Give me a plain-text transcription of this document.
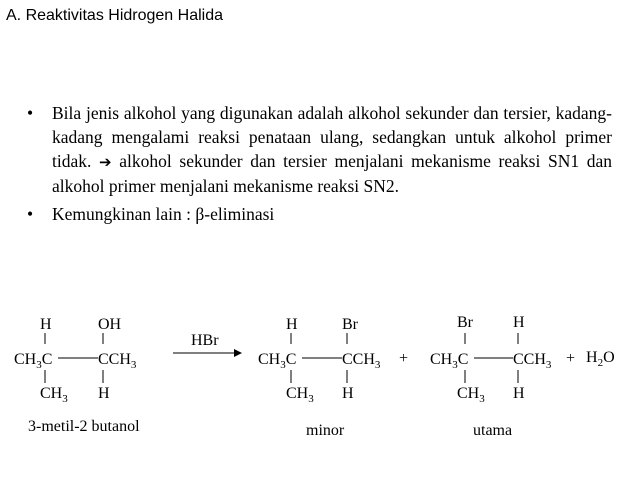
A. Reaktivitas Hidrogen Halida
• Bila jenis alkohol yang digunakan adalah alkohol sekunder dan tersier, kadang-kadang mengalami reaksi penataan ulang, sedangkan untuk alkohol primer tidak. ➔ alkohol sekunder dan tersier menjalani mekanisme reaksi SN1 dan alkohol primer menjalani mekanisme reaksi SN2.
• Kemungkinan lain : β-eliminasi
H	OH
$CH_3C$	$CCH_3$
$CH_3$ H
3-metil-2 butanol
HBr
H	Br
$CH_3C$	$CCH_3$
$CH_3$ H
minor
+
Br	H
$CH_3C$	$CCH_3$
$CH_3$ H
utama
+ $H_2O$
